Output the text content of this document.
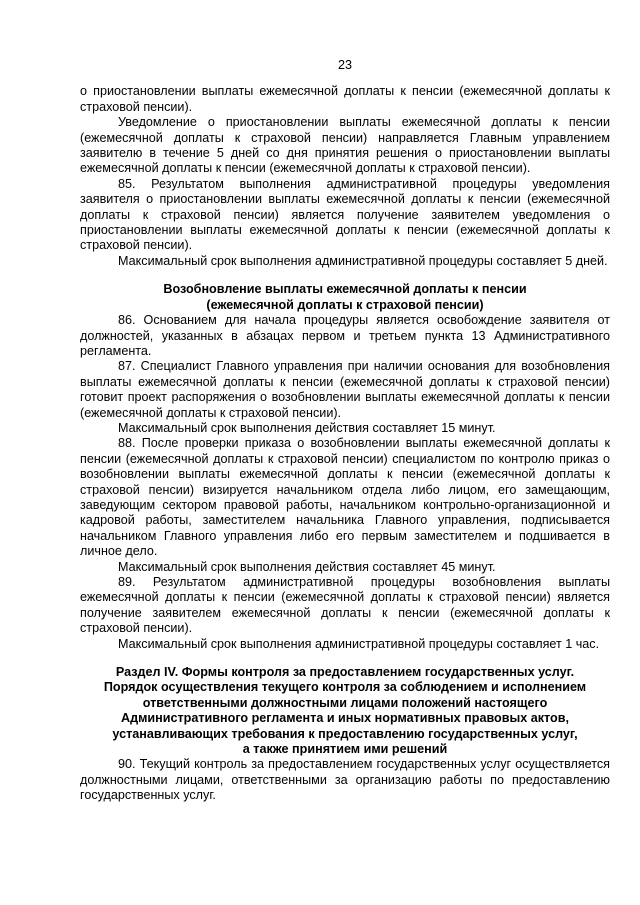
23

о приостановлении выплаты ежемесячной доплаты к пенсии (ежемесячной доплаты к страховой пенсии).

Уведомление о приостановлении выплаты ежемесячной доплаты к пенсии (ежемесячной доплаты к страховой пенсии) направляется Главным управлением заявителю в течение 5 дней со дня принятия решения о приостановлении выплаты ежемесячной доплаты к пенсии (ежемесячной доплаты к страховой пенсии).

85. Результатом выполнения административной процедуры уведомления заявителя о приостановлении выплаты ежемесячной доплаты к пенсии (ежемесячной доплаты к страховой пенсии) является получение заявителем уведомления о приостановлении выплаты ежемесячной доплаты к пенсии (ежемесячной доплаты к страховой пенсии).

Максимальный срок выполнения административной процедуры составляет 5 дней.

Возобновление выплаты ежемесячной доплаты к пенсии
(ежемесячной доплаты к страховой пенсии)

86. Основанием для начала процедуры является освобождение заявителя от должностей, указанных в абзацах первом и третьем пункта 13 Административного регламента.

87. Специалист Главного управления при наличии основания для возобновления выплаты ежемесячной доплаты к пенсии (ежемесячной доплаты к страховой пенсии) готовит проект распоряжения о возобновлении выплаты ежемесячной доплаты к пенсии (ежемесячной доплаты к страховой пенсии).

Максимальный срок выполнения действия составляет 15 минут.

88. После проверки приказа о возобновлении выплаты ежемесячной доплаты к пенсии (ежемесячной доплаты к страховой пенсии) специалистом по контролю приказ о возобновлении выплаты ежемесячной доплаты к пенсии (ежемесячной доплаты к страховой пенсии) визируется начальником отдела либо лицом, его замещающим, заведующим сектором правовой работы, начальником контрольно-организационной и кадровой работы, заместителем начальника Главного управления, подписывается начальником Главного управления либо его первым заместителем и подшивается в личное дело.

Максимальный срок выполнения действия составляет 45 минут.

89. Результатом административной процедуры возобновления выплаты ежемесячной доплаты к пенсии (ежемесячной доплаты к страховой пенсии) является получение заявителем ежемесячной доплаты к пенсии (ежемесячной доплаты к страховой пенсии).

Максимальный срок выполнения административной процедуры составляет 1 час.

Раздел IV. Формы контроля за предоставлением государственных услуг.
Порядок осуществления текущего контроля за соблюдением и исполнением
ответственными должностными лицами положений настоящего
Административного регламента и иных нормативных правовых актов,
устанавливающих требования к предоставлению государственных услуг,
а также принятием ими решений

90. Текущий контроль за предоставлением государственных услуг осуществляется должностными лицами, ответственными за организацию работы по предоставлению государственных услуг.
